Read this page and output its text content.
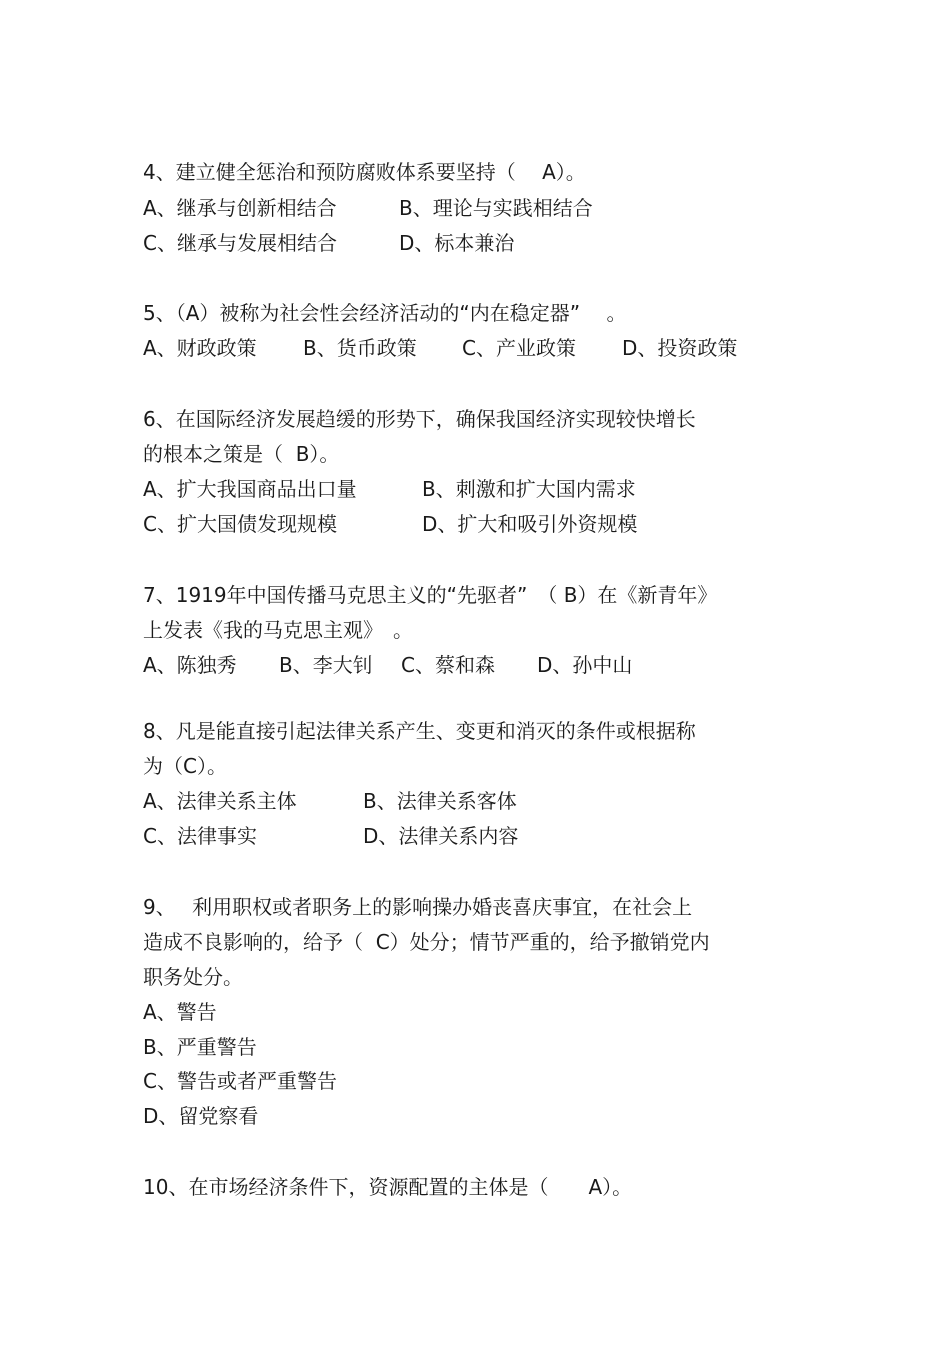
4、建立健全惩治和预防腐败体系要坚持（　 A）。

A、继承与创新相结合

	B、理论与实践相结合

C、继承与发展相结合

	D、标本兼治

5、（A）被称为社会性会经济活动的“内在稳定器”　 。

A、财政政策

B、货币政策

C、产业政策

D、投资政策

6、在国际经济发展趋缓的形势下，确保我国经济实现较快增长

的根本之策是（  B）。

A、扩大我国商品出口量

	B、刺激和扩大国内需求

C、扩大国债发现规模

	D、扩大和吸引外资规模

7、1919年中国传播马克思主义的“先驱者”　（ B）在《新青年》

上发表《我的马克思主观》　。

A、陈独秀

B、李大钊

C、蔡和森

D、孙中山

8、凡是能直接引起法律关系产生、变更和消灭的条件或根据称

为（C）。

A、法律关系主体

	B、法律关系客体

C、法律事实

	D、法律关系内容

9、　 利用职权或者职务上的影响操办婚丧喜庆事宜，在社会上

造成不良影响的，给予（  C）处分；情节严重的，给予撤销党内

职务处分。

A、警告

B、严重警告

C、警告或者严重警告

D、留党察看

10、在市场经济条件下，资源配置的主体是（　　A）。
